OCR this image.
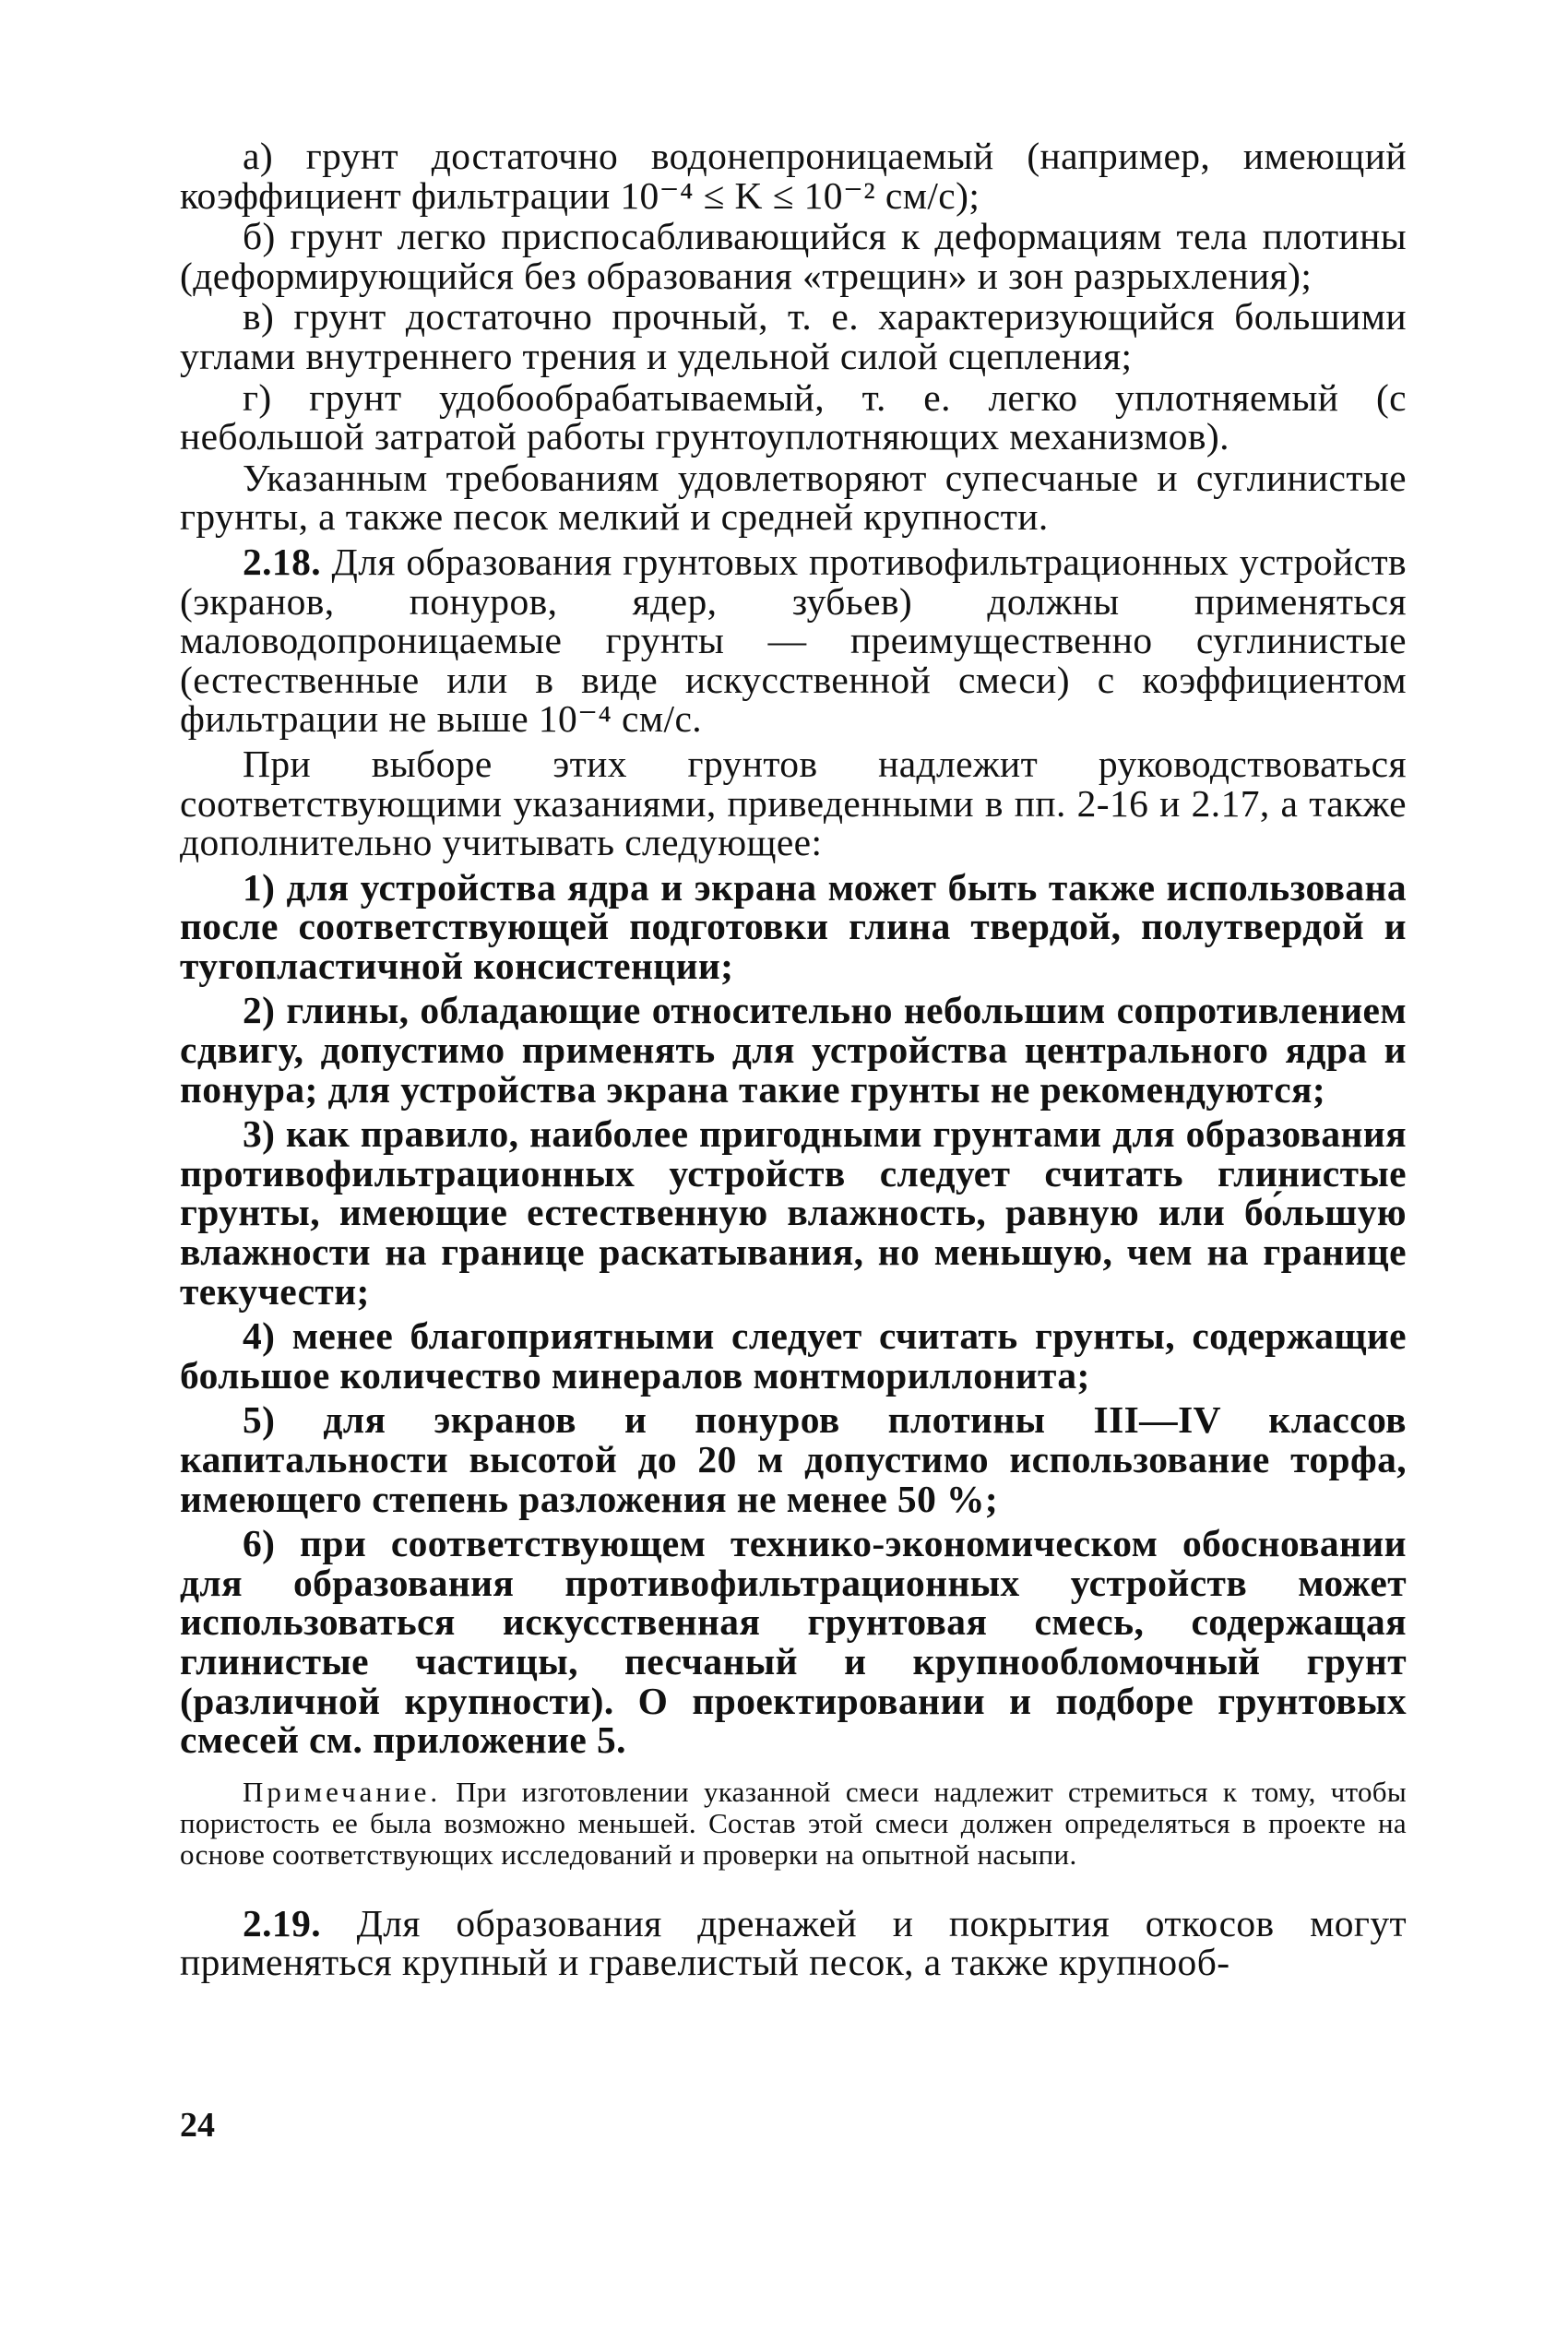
а) грунт достаточно водонепроницаемый (например, имеющий коэффициент фильтрации 10⁻⁴ ≤ K ≤ 10⁻² см/с);

б) грунт легко приспосабливающийся к деформациям тела плотины (деформирующийся без образования «трещин» и зон разрыхления);

в) грунт достаточно прочный, т. е. характеризующийся большими углами внутреннего трения и удельной силой сцепления;

г) грунт удобообрабатываемый, т. е. легко уплотняемый (с небольшой затратой работы грунтоуплотняющих механизмов).

Указанным требованиям удовлетворяют супесчаные и суглинистые грунты, а также песок мелкий и средней крупности.

2.18. Для образования грунтовых противофильтрационных устройств (экранов, понуров, ядер, зубьев) должны применяться маловодопроницаемые грунты — преимущественно суглинистые (естественные или в виде искусственной смеси) с коэффициентом фильтрации не выше 10⁻⁴ см/с.

При выборе этих грунтов надлежит руководствоваться соответствующими указаниями, приведенными в пп. 2-16 и 2.17, а также дополнительно учитывать следующее:

1) для устройства ядра и экрана может быть также использована после соответствующей подготовки глина твердой, полутвердой и тугопластичной консистенции;

2) глины, обладающие относительно небольшим сопротивлением сдвигу, допустимо применять для устройства центрального ядра и понура; для устройства экрана такие грунты не рекомендуются;

3) как правило, наиболее пригодными грунтами для образования противофильтрационных устройств следует считать глинистые грунты, имеющие естественную влажность, равную или бо́льшую влажности на границе раскатывания, но меньшую, чем на границе текучести;

4) менее благоприятными следует считать грунты, содержащие большое количество минералов монтмориллонита;

5) для экранов и понуров плотины III—IV классов капитальности высотой до 20 м допустимо использование торфа, имеющего степень разложения не менее 50 %;

6) при соответствующем технико-экономическом обосновании для образования противофильтрационных устройств может использоваться искусственная грунтовая смесь, содержащая глинистые частицы, песчаный и крупнообломочный грунт (различной крупности). О проектировании и подборе грунтовых смесей см. приложение 5.

Примечание. При изготовлении указанной смеси надлежит стремиться к тому, чтобы пористость ее была возможно меньшей. Состав этой смеси должен определяться в проекте на основе соответствующих исследований и проверки на опытной насыпи.

2.19. Для образования дренажей и покрытия откосов могут применяться крупный и гравелистый песок, а также крупнооб-

24
